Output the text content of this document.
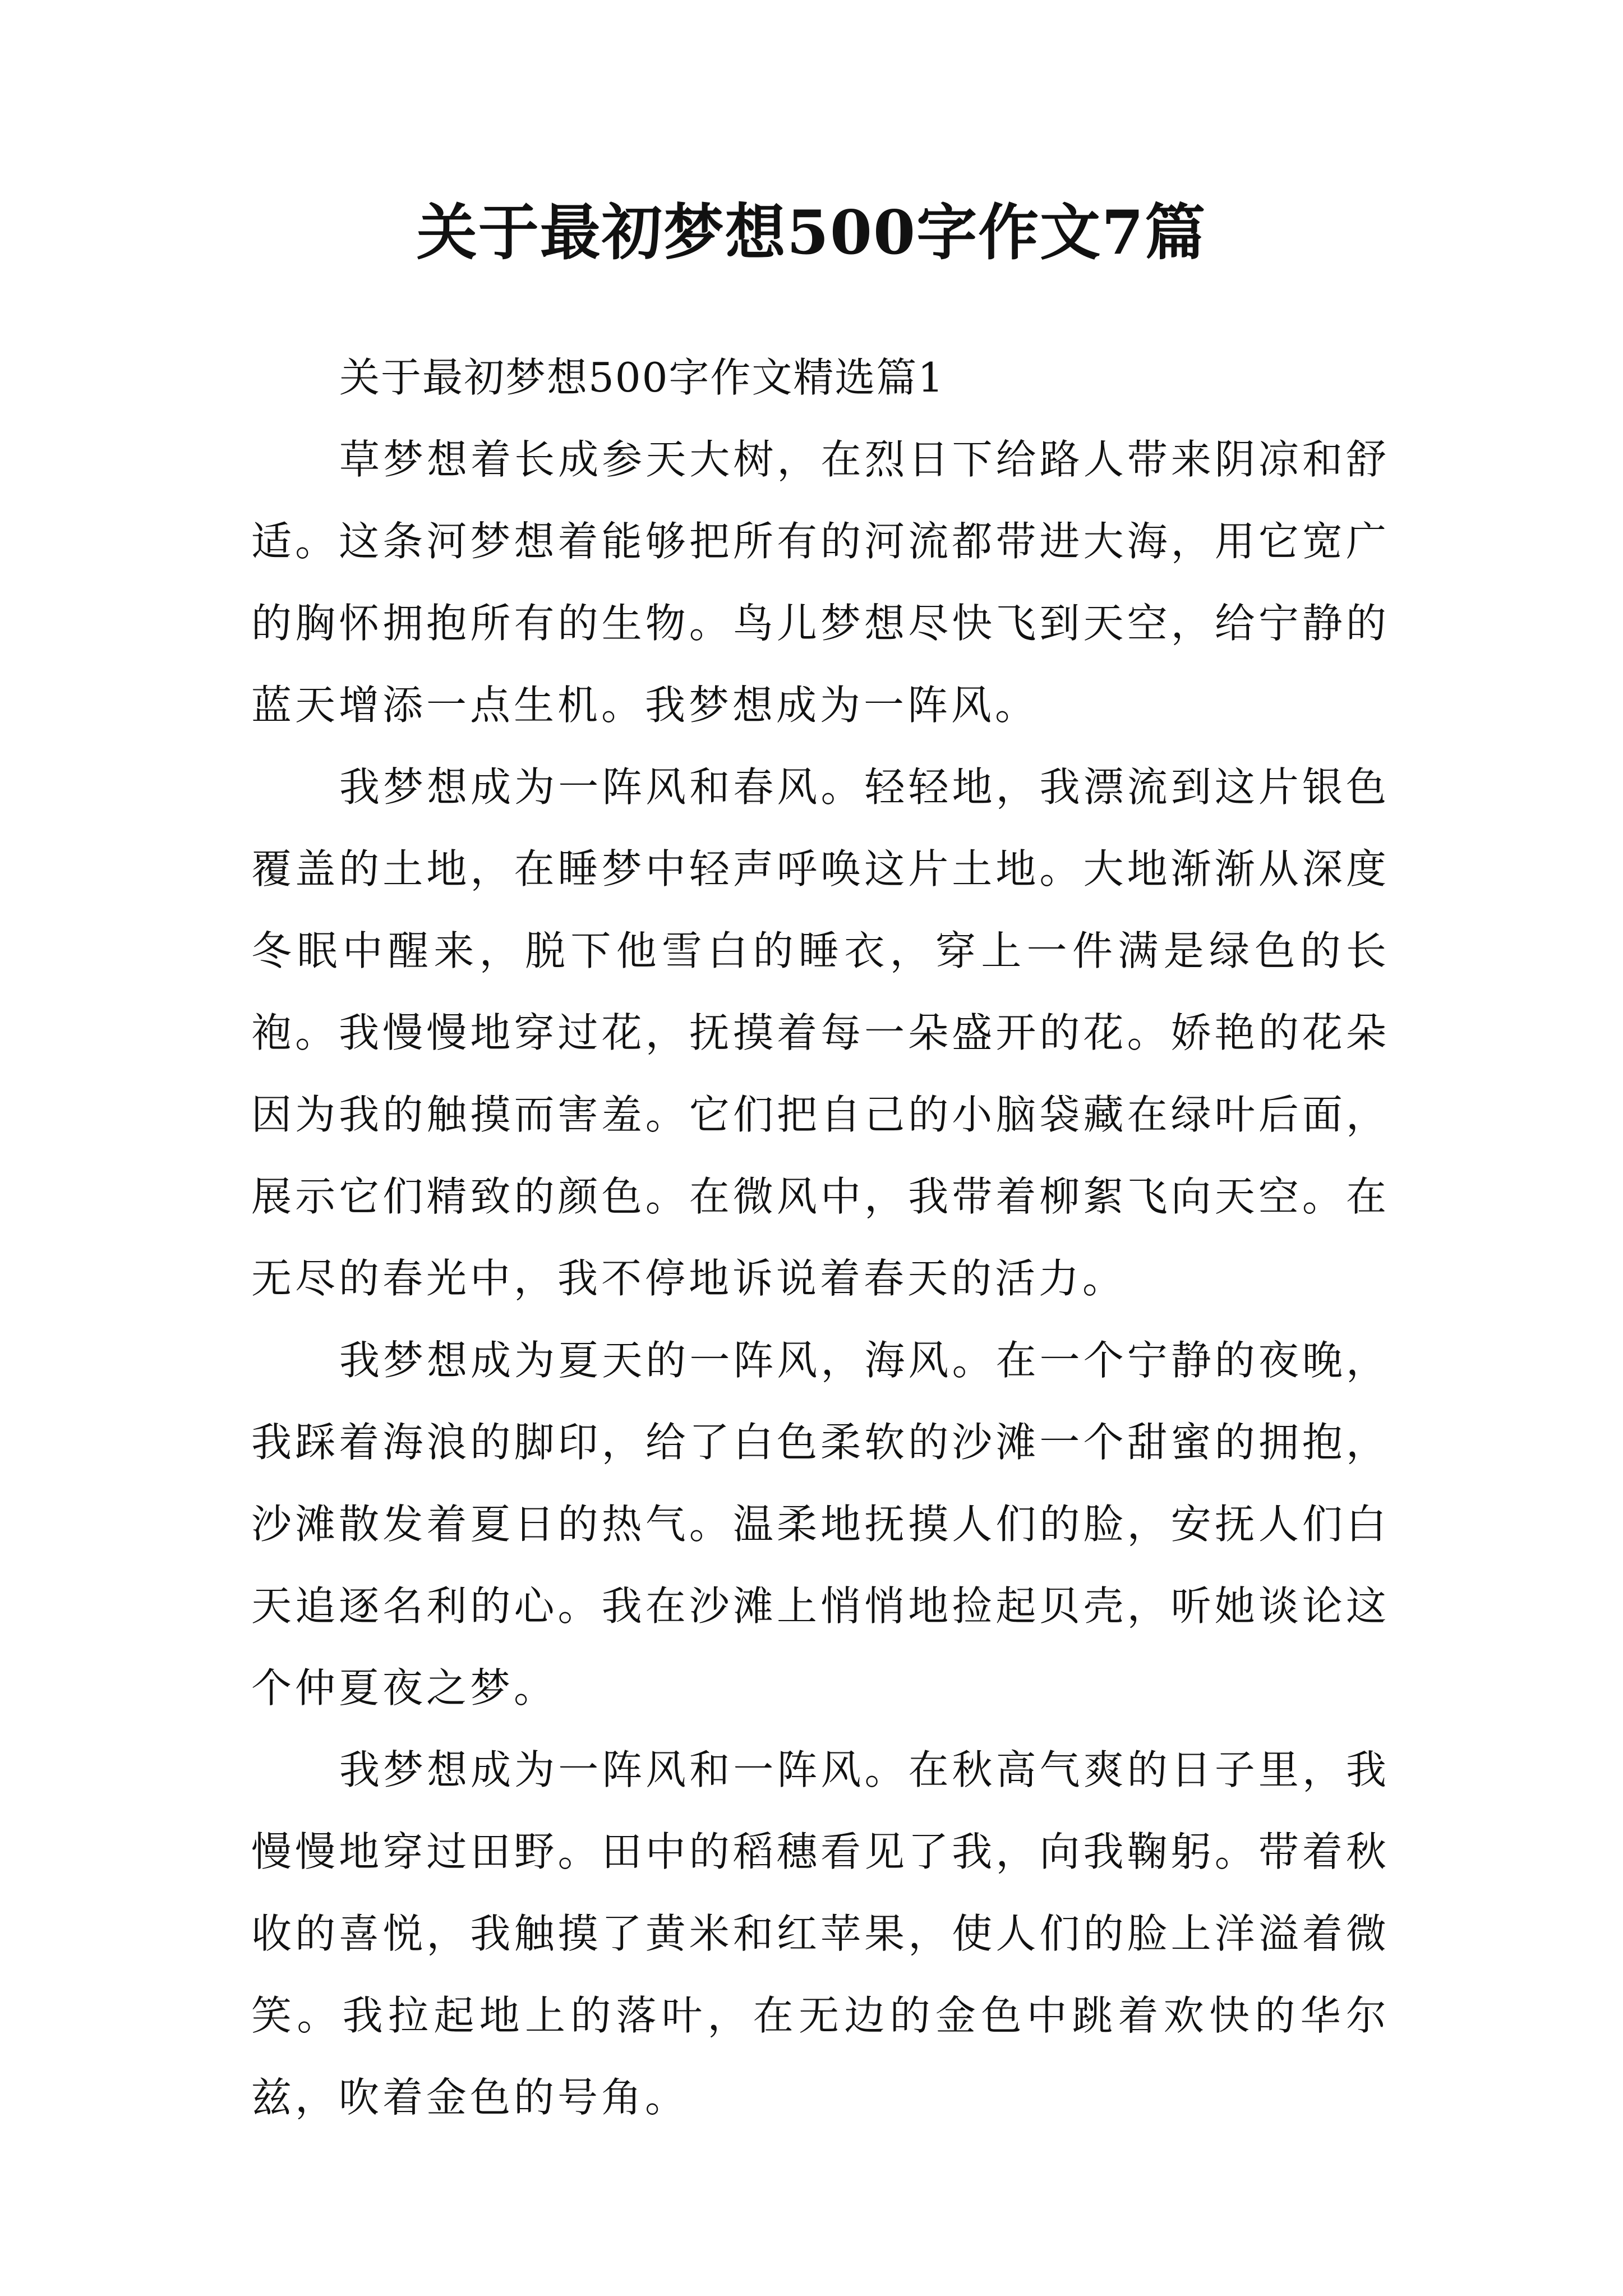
关于最初梦想500字作文7篇

关于最初梦想500字作文精选篇1

草梦想着长成参天大树，在烈日下给路人带来阴凉和舒适。这条河梦想着能够把所有的河流都带进大海，用它宽广的胸怀拥抱所有的生物。鸟儿梦想尽快飞到天空，给宁静的蓝天增添一点生机。我梦想成为一阵风。

我梦想成为一阵风和春风。轻轻地，我漂流到这片银色覆盖的土地，在睡梦中轻声呼唤这片土地。大地渐渐从深度冬眠中醒来，脱下他雪白的睡衣，穿上一件满是绿色的长袍。我慢慢地穿过花，抚摸着每一朵盛开的花。娇艳的花朵因为我的触摸而害羞。它们把自己的小脑袋藏在绿叶后面，展示它们精致的颜色。在微风中，我带着柳絮飞向天空。在无尽的春光中，我不停地诉说着春天的活力。

我梦想成为夏天的一阵风，海风。在一个宁静的夜晚，我踩着海浪的脚印，给了白色柔软的沙滩一个甜蜜的拥抱，沙滩散发着夏日的热气。温柔地抚摸人们的脸，安抚人们白天追逐名利的心。我在沙滩上悄悄地捡起贝壳，听她谈论这个仲夏夜之梦。

我梦想成为一阵风和一阵风。在秋高气爽的日子里，我慢慢地穿过田野。田中的稻穗看见了我，向我鞠躬。带着秋收的喜悦，我触摸了黄米和红苹果，使人们的脸上洋溢着微笑。我拉起地上的落叶，在无边的金色中跳着欢快的华尔兹，吹着金色的号角。
